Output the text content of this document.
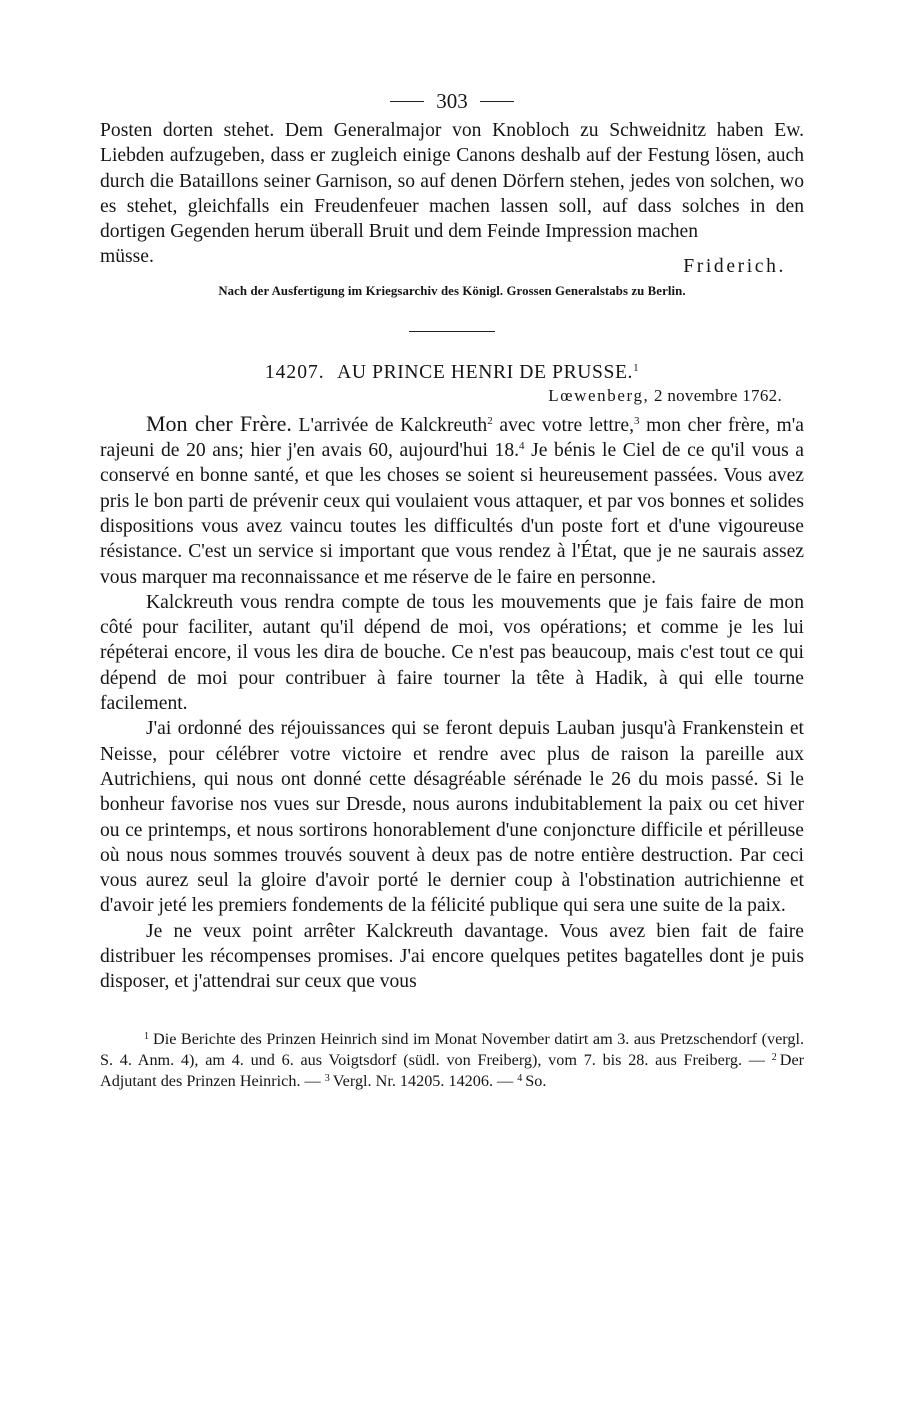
303

Posten dorten stehet. Dem Generalmajor von Knobloch zu Schweidnitz haben Ew. Liebden aufzugeben, dass er zugleich einige Canons deshalb auf der Festung lösen, auch durch die Bataillons seiner Garnison, so auf denen Dörfern stehen, jedes von solchen, wo es stehet, gleichfalls ein Freudenfeuer machen lassen soll, auf dass solches in den dortigen Gegenden herum überall Bruit und dem Feinde Impression machen

müsse.	Friderich.
Nach der Ausfertigung im Kriegsarchiv des Königl. Grossen Generalstabs zu Berlin.
14207. AU PRINCE HENRI DE PRUSSE.$^1$
Lœwenberg, 2 novembre 1762.

Mon cher Frère. L'arrivée de Kalckreuth$^2$ avec votre lettre,$^3$ mon cher frère, m'a rajeuni de 20 ans; hier j'en avais 60, aujourd'hui 18.$^4$ Je bénis le Ciel de ce qu'il vous a conservé en bonne santé, et que les choses se soient si heureusement passées. Vous avez pris le bon parti de prévenir ceux qui voulaient vous attaquer, et par vos bonnes et solides dispositions vous avez vaincu toutes les difficultés d'un poste fort et d'une vigoureuse résistance. C'est un service si important que vous rendez à l'État, que je ne saurais assez vous marquer ma reconnaissance et me réserve de le faire en personne.

Kalckreuth vous rendra compte de tous les mouvements que je fais faire de mon côté pour faciliter, autant qu'il dépend de moi, vos opérations; et comme je les lui répéterai encore, il vous les dira de bouche. Ce n'est pas beaucoup, mais c'est tout ce qui dépend de moi pour contribuer à faire tourner la tête à Hadik, à qui elle tourne facilement.

J'ai ordonné des réjouissances qui se feront depuis Lauban jusqu'à Frankenstein et Neisse, pour célébrer votre victoire et rendre avec plus de raison la pareille aux Autrichiens, qui nous ont donné cette désagréable sérénade le 26 du mois passé. Si le bonheur favorise nos vues sur Dresde, nous aurons indubitablement la paix ou cet hiver ou ce printemps, et nous sortirons honorablement d'une conjoncture difficile et périlleuse où nous nous sommes trouvés souvent à deux pas de notre entière destruction. Par ceci vous aurez seul la gloire d'avoir porté le dernier coup à l'obstination autrichienne et d'avoir jeté les premiers fondements de la félicité publique qui sera une suite de la paix.

Je ne veux point arrêter Kalckreuth davantage. Vous avez bien fait de faire distribuer les récompenses promises. J'ai encore quelques petites bagatelles dont je puis disposer, et j'attendrai sur ceux que vous

$^1$ Die Berichte des Prinzen Heinrich sind im Monat November datirt am 3. aus Pretzschendorf (vergl. S. 4. Anm. 4), am 4. und 6. aus Voigtsdorf (südl. von Freiberg), vom 7. bis 28. aus Freiberg. — $^2$ Der Adjutant des Prinzen Heinrich. — $^3$ Vergl. Nr. 14205. 14206. — $^4$ So.
